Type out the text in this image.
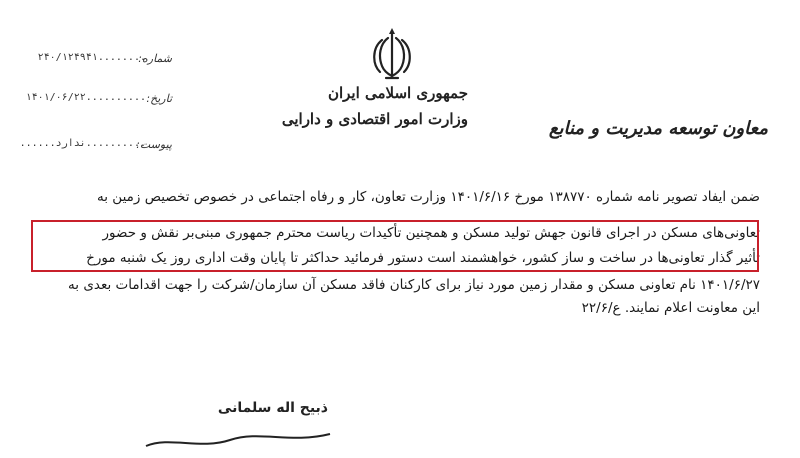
جمهوری اسلامی ایران
وزارت امور اقتصادی و دارایی	معاون توسعه مدیریت و منابع
شماره:
........۲۴۰/۱۲۴۹۴۱
تاریخ:
..........۱۴۰۱/۰۶/۲۲
پیوست:
..........ندارد......
ضمن ایفاد تصویر نامه شماره ۱۳۸۷۷۰ مورخ ۱۴۰۱/۶/۱۶ وزارت تعاون، کار و رفاه اجتماعی در خصوص تخصیص زمین به
تعاونی‌های مسکن در اجرای قانون جهش تولید مسکن و همچنین تأکیدات ریاست محترم جمهوری مبنی‌بر نقش و حضور
تأثیر گذار تعاونی‌ها در ساخت و ساز کشور، خواهشمند است دستور فرمائید حداکثر تا پایان وقت اداری روز یک شنبه مورخ
۱۴۰۱/۶/۲۷ نام تعاونی مسکن و مقدار زمین مورد نیاز برای کارکنان فاقد مسکن آن سازمان/شرکت را جهت اقدامات بعدی به
این معاونت اعلام نمایند. ع/۲۲/۶
ذبیح اله سلمانی
